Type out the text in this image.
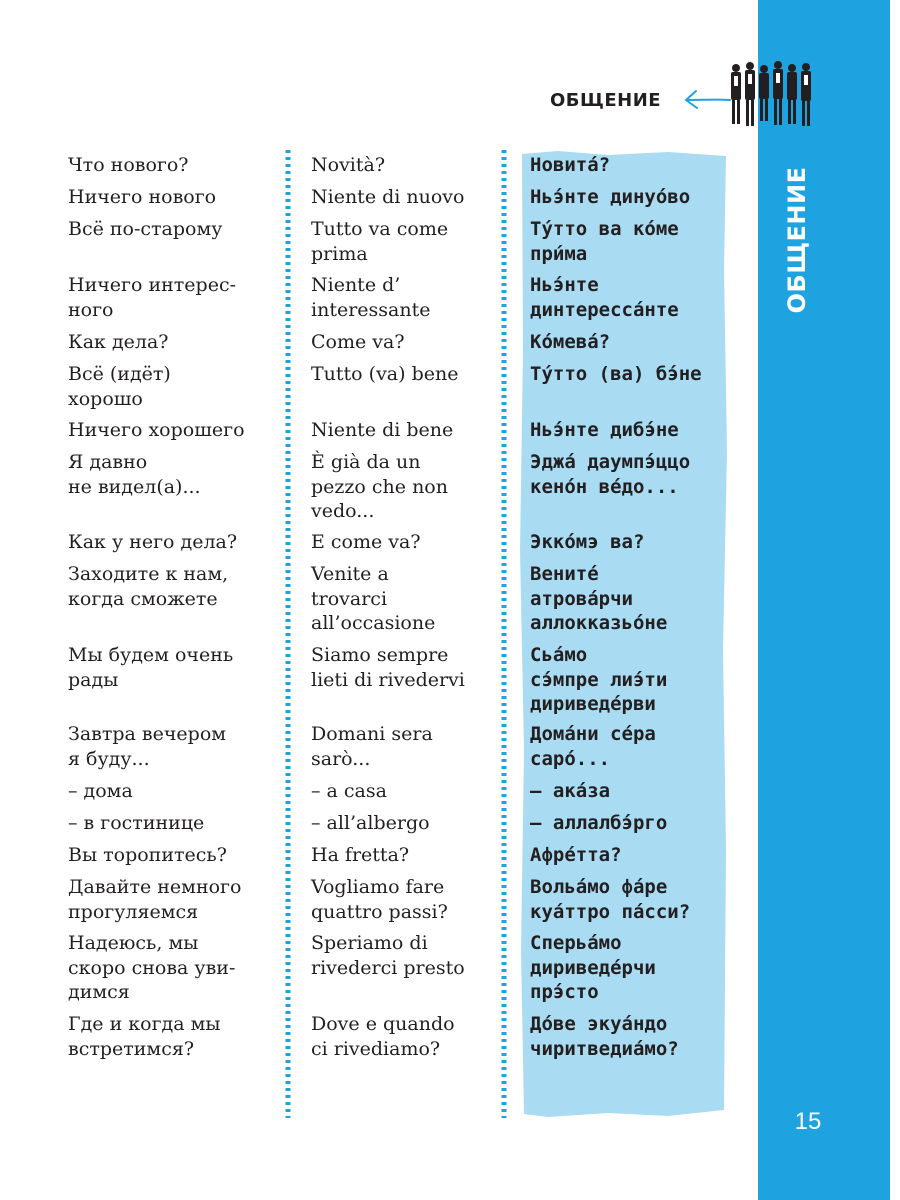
ОБЩЕНИЕ
15
ОБЩЕНИЕ
Что нового?
Ничего нового
Всё по-старому
Ничего интерес-
ного
Как дела?
Всё (идёт)
хорошо
Ничего хорошего
Я давно
не видел(а)...
Как у него дела?
Заходите к нам,
когда сможете
Мы будем очень
рады
Завтра вечером
я буду...
– дома
– в гостинице
Вы торопитесь?
Давайте немного
прогуляемся
Надеюсь, мы
скоро снова уви-
димся
Где и когда мы
встретимся?
Novità?
Niente di nuovo
Tutto va come
prima
Niente d’
interessante
Come va?
Tutto (va) bene
Niente di bene
È già da un
pezzo che non
vedo...
E come va?
Venite a
trovarci
all’occasione
Siamo sempre
lieti di rivedervi
Domani sera
sarò...
– a casa
– all’albergo
Ha fretta?
Vogliamo fare
quattro passi?
Speriamo di
rivederci presto
Dove e quando
ci rivediamo?
Новитá?
Ньэ́нте динуо́во
Ту́тто ва ко́ме
при́ма
Ньэ́нте
динтерессáнте
Ко́мевá?
Ту́тто (ва) бэ́не
Ньэ́нте дибэ́не
Эджá даумпэ́ццо
кено́н вéдо...
Эккóмэ ва?
Вените́
атровáрчи
аллокказьо́не
Сьáмо
сэ́мпре лиэ́ти
дириведéрви
Домáни сéра
саро́...
– акáза
– аллалбэ́рго
Афрéтта?
Вольáмо фáре
куáттро пáсси?
Сперьáмо
дириведéрчи
прэ́сто
До́ве экуáндо
чиритведиáмо?
